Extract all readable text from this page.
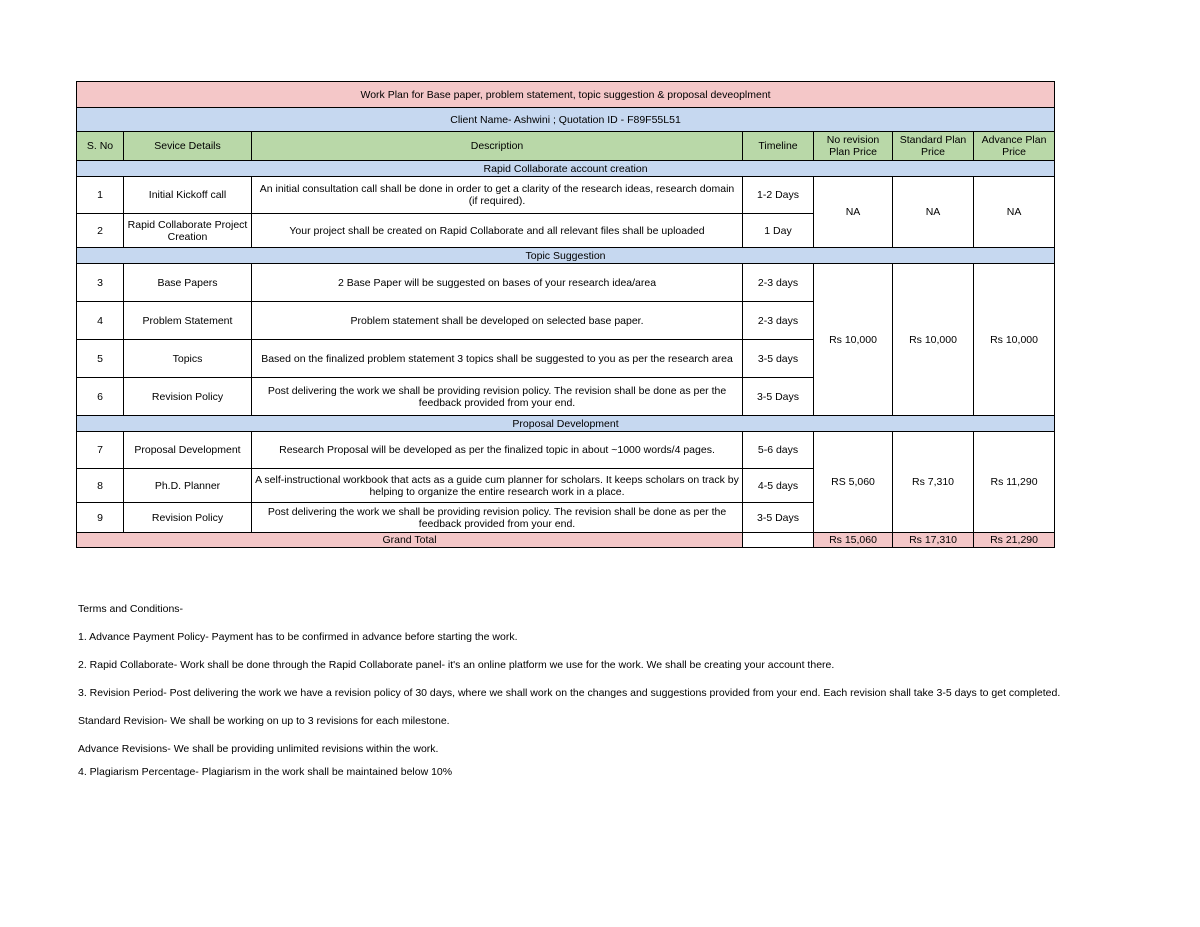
Work Plan for Base paper, problem statement, topic suggestion & proposal deveoplment						
Client Name- Ashwini ; Quotation ID - F89F55L51						
S. No	Sevice Details	Description	Timeline	No revision Plan Price	Standard Plan Price	Advance Plan Price
Rapid Collaborate account creation						
1	Initial Kickoff call	An initial consultation call shall be done in order to get a clarity of the research ideas, research domain (if required).	1-2 Days	NA	NA	NA
2	Rapid Collaborate Project Creation	Your project shall be created on Rapid Collaborate and all relevant files shall be uploaded	1 Day			
Topic Suggestion						
3	Base Papers	2 Base Paper will be suggested on bases of your research idea/area	2-3 days	Rs 10,000	Rs 10,000	Rs 10,000
4	Problem Statement	Problem statement shall be developed on selected base paper.	2-3 days			
5	Topics	Based on the finalized problem statement 3 topics shall be suggested to you as per the research area	3-5 days			
6	Revision Policy	Post delivering the work we shall be providing revision policy. The revision shall be done as per the feedback provided from your end.	3-5 Days			
Proposal Development						
7	Proposal Development	Research Proposal will be developed as per the finalized topic in about ~1000 words/4 pages.	5-6 days	RS 5,060	Rs 7,310	Rs 11,290
8	Ph.D. Planner	A self-instructional workbook that acts as a guide cum planner for scholars. It keeps scholars on track by helping to organize the entire research work in a place.	4-5 days			
9	Revision Policy	Post delivering the work we shall be providing revision policy. The revision shall be done as per the feedback provided from your end.	3-5 Days			
Grand Total				Rs 15,060	Rs 17,310	Rs 21,290
Terms and Conditions-
1. Advance Payment Policy- Payment has to be confirmed in advance before starting the work.
2. Rapid Collaborate- Work shall be done through the Rapid Collaborate panel- it's an online platform we use for the work. We shall be creating your account there.
3. Revision Period- Post delivering the work we have a revision policy of 30 days, where we shall work on the changes and suggestions provided from your end. Each revision shall take 3-5 days to get completed.
Standard Revision- We shall be working on up to 3 revisions for each milestone.
Advance Revisions- We shall be providing unlimited revisions within the work.
4. Plagiarism Percentage- Plagiarism in the work shall be maintained below 10%
